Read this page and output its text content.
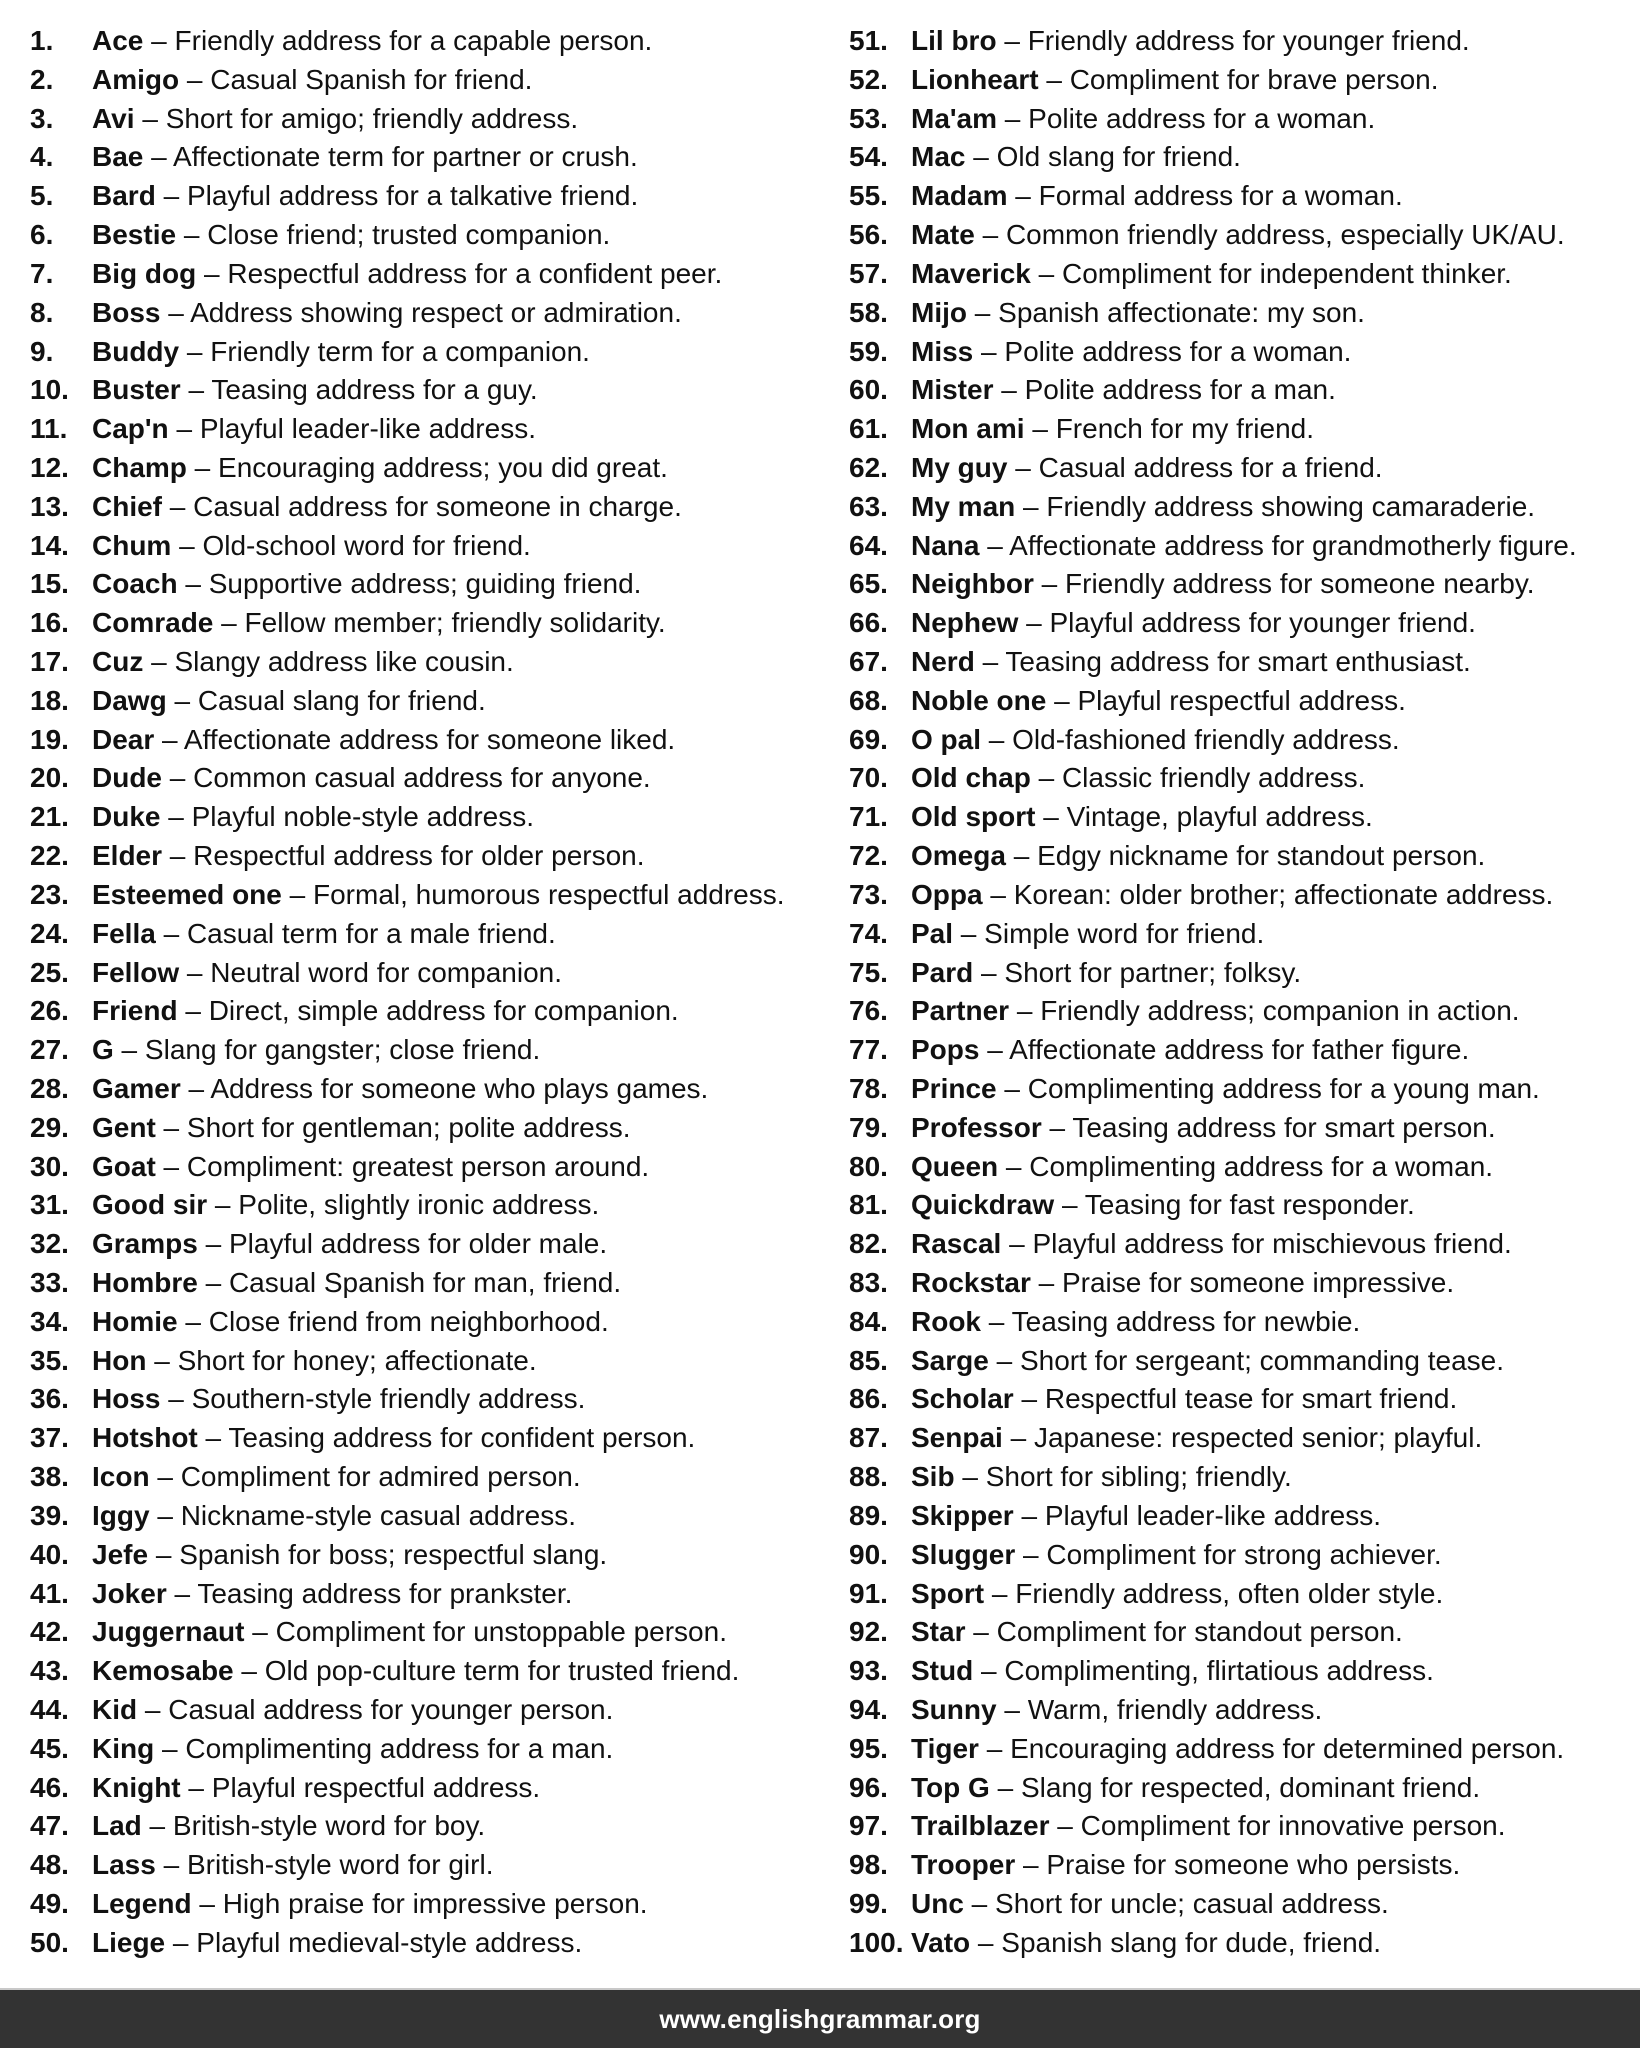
1. Ace – Friendly address for a capable person.
2. Amigo – Casual Spanish for friend.
3. Avi – Short for amigo; friendly address.
4. Bae – Affectionate term for partner or crush.
5. Bard – Playful address for a talkative friend.
6. Bestie – Close friend; trusted companion.
7. Big dog – Respectful address for a confident peer.
8. Boss – Address showing respect or admiration.
9. Buddy – Friendly term for a companion.
10. Buster – Teasing address for a guy.
11. Cap'n – Playful leader-like address.
12. Champ – Encouraging address; you did great.
13. Chief – Casual address for someone in charge.
14. Chum – Old-school word for friend.
15. Coach – Supportive address; guiding friend.
16. Comrade – Fellow member; friendly solidarity.
17. Cuz – Slangy address like cousin.
18. Dawg – Casual slang for friend.
19. Dear – Affectionate address for someone liked.
20. Dude – Common casual address for anyone.
21. Duke – Playful noble-style address.
22. Elder – Respectful address for older person.
23. Esteemed one – Formal, humorous respectful address.
24. Fella – Casual term for a male friend.
25. Fellow – Neutral word for companion.
26. Friend – Direct, simple address for companion.
27. G – Slang for gangster; close friend.
28. Gamer – Address for someone who plays games.
29. Gent – Short for gentleman; polite address.
30. Goat – Compliment: greatest person around.
31. Good sir – Polite, slightly ironic address.
32. Gramps – Playful address for older male.
33. Hombre – Casual Spanish for man, friend.
34. Homie – Close friend from neighborhood.
35. Hon – Short for honey; affectionate.
36. Hoss – Southern-style friendly address.
37. Hotshot – Teasing address for confident person.
38. Icon – Compliment for admired person.
39. Iggy – Nickname-style casual address.
40. Jefe – Spanish for boss; respectful slang.
41. Joker – Teasing address for prankster.
42. Juggernaut – Compliment for unstoppable person.
43. Kemosabe – Old pop-culture term for trusted friend.
44. Kid – Casual address for younger person.
45. King – Complimenting address for a man.
46. Knight – Playful respectful address.
47. Lad – British-style word for boy.
48. Lass – British-style word for girl.
49. Legend – High praise for impressive person.
50. Liege – Playful medieval-style address.
51. Lil bro – Friendly address for younger friend.
52. Lionheart – Compliment for brave person.
53. Ma'am – Polite address for a woman.
54. Mac – Old slang for friend.
55. Madam – Formal address for a woman.
56. Mate – Common friendly address, especially UK/AU.
57. Maverick – Compliment for independent thinker.
58. Mijo – Spanish affectionate: my son.
59. Miss – Polite address for a woman.
60. Mister – Polite address for a man.
61. Mon ami – French for my friend.
62. My guy – Casual address for a friend.
63. My man – Friendly address showing camaraderie.
64. Nana – Affectionate address for grandmotherly figure.
65. Neighbor – Friendly address for someone nearby.
66. Nephew – Playful address for younger friend.
67. Nerd – Teasing address for smart enthusiast.
68. Noble one – Playful respectful address.
69. O pal – Old-fashioned friendly address.
70. Old chap – Classic friendly address.
71. Old sport – Vintage, playful address.
72. Omega – Edgy nickname for standout person.
73. Oppa – Korean: older brother; affectionate address.
74. Pal – Simple word for friend.
75. Pard – Short for partner; folksy.
76. Partner – Friendly address; companion in action.
77. Pops – Affectionate address for father figure.
78. Prince – Complimenting address for a young man.
79. Professor – Teasing address for smart person.
80. Queen – Complimenting address for a woman.
81. Quickdraw – Teasing for fast responder.
82. Rascal – Playful address for mischievous friend.
83. Rockstar – Praise for someone impressive.
84. Rook – Teasing address for newbie.
85. Sarge – Short for sergeant; commanding tease.
86. Scholar – Respectful tease for smart friend.
87. Senpai – Japanese: respected senior; playful.
88. Sib – Short for sibling; friendly.
89. Skipper – Playful leader-like address.
90. Slugger – Compliment for strong achiever.
91. Sport – Friendly address, often older style.
92. Star – Compliment for standout person.
93. Stud – Complimenting, flirtatious address.
94. Sunny – Warm, friendly address.
95. Tiger – Encouraging address for determined person.
96. Top G – Slang for respected, dominant friend.
97. Trailblazer – Compliment for innovative person.
98. Trooper – Praise for someone who persists.
99. Unc – Short for uncle; casual address.
100. Vato – Spanish slang for dude, friend.
www.englishgrammar.org
